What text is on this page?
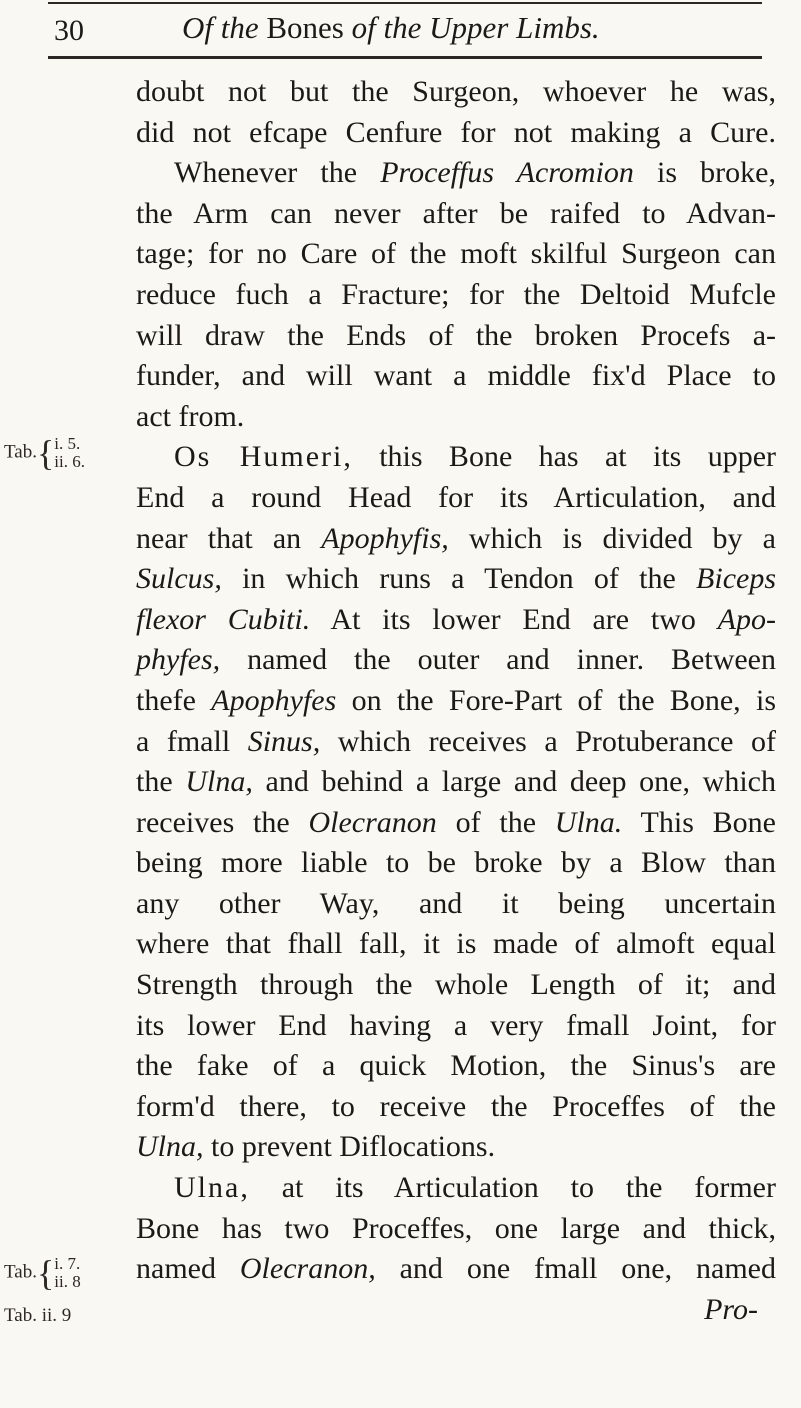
30	Of the Bones of the Upper Limbs.
Tab.{i. 5.
ii. 6.
Tab.{i. 7.
ii. 8
Tab. ii. 9
doubt not but the Surgeon, whoever he was,
did not efcape Cenfure for not making a Cure.
Whenever the Proceffus Acromion is broke,
the Arm can never after be raifed to Advan-
tage; for no Care of the moft skilful Surgeon can
reduce fuch a Fracture; for the Deltoid Mufcle
will draw the Ends of the broken Procefs a-
funder, and will want a middle fix'd Place to
act from.
Os Humeri, this Bone has at its upper
End a round Head for its Articulation, and
near that an Apophyfis, which is divided by a
Sulcus, in which runs a Tendon of the Biceps
flexor Cubiti. At its lower End are two Apo-
phyfes, named the outer and inner. Between
thefe Apophyfes on the Fore-Part of the Bone, is
a fmall Sinus, which receives a Protuberance of
the Ulna, and behind a large and deep one, which
receives the Olecranon of the Ulna. This Bone
being more liable to be broke by a Blow than
any other Way, and it being uncertain
where that fhall fall, it is made of almoft equal
Strength through the whole Length of it; and
its lower End having a very fmall Joint, for
the fake of a quick Motion, the Sinus's are
form'd there, to receive the Proceffes of the
Ulna, to prevent Diflocations.
Ulna, at its Articulation to the former
Bone has two Proceffes, one large and thick,
named Olecranon, and one fmall one, named
Pro-
